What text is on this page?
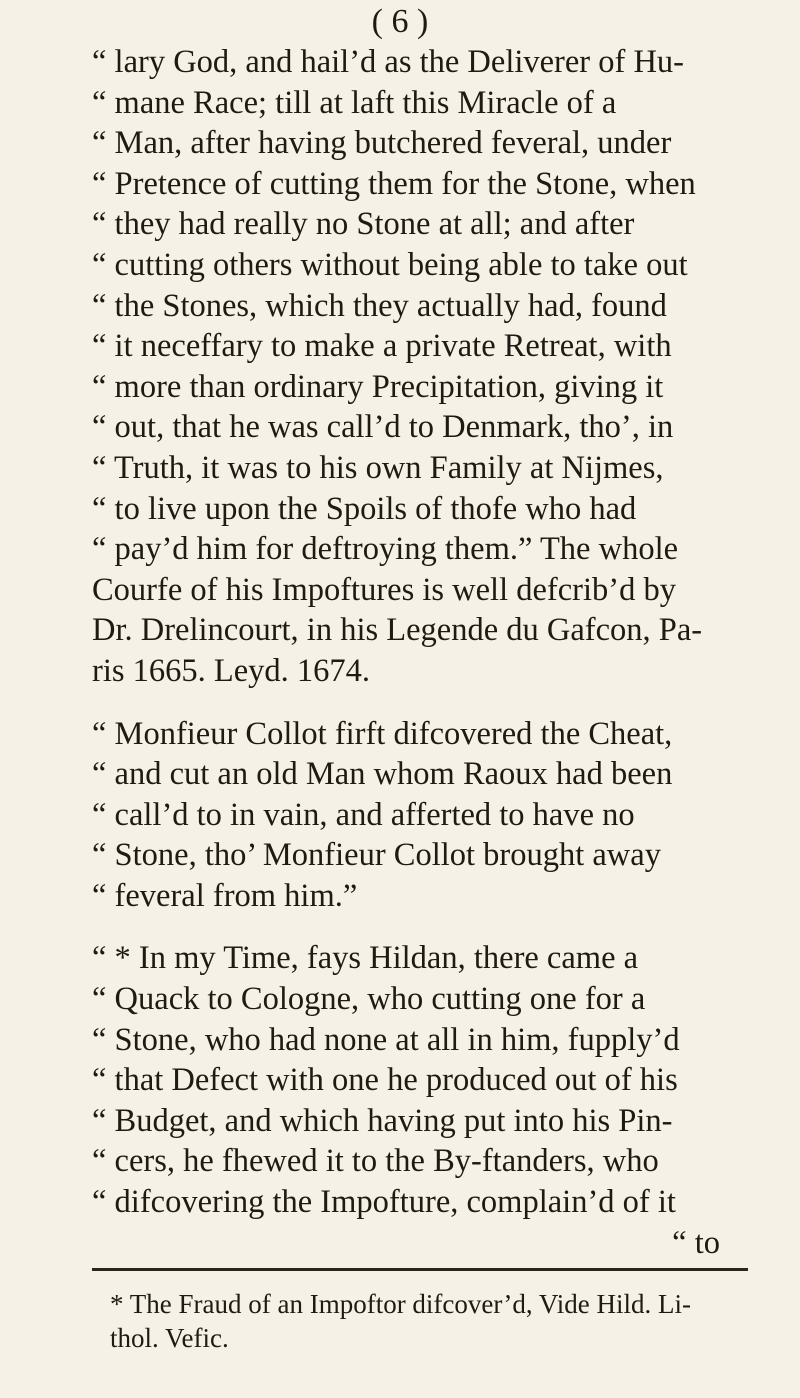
( 6 )
“ lary God, and hail’d as the Deliverer of Hu-
“ mane Race; till at laft this Miracle of a
“ Man, after having butchered feveral, under
“ Pretence of cutting them for the Stone, when
“ they had really no Stone at all; and after
“ cutting others without being able to take out
“ the Stones, which they actually had, found
“ it neceffary to make a private Retreat, with
“ more than ordinary Precipitation, giving it
“ out, that he was call’d to Denmark, tho’, in
“ Truth, it was to his own Family at Nijmes,
“ to live upon the Spoils of thofe who had
“ pay’d him for deftroying them.” The whole
Courfe of his Impoftures is well defcrib’d by
Dr. Drelincourt, in his Legende du Gafcon, Pa-
ris 1665. Leyd. 1674.
“ Monfieur Collot firft difcovered the Cheat,
“ and cut an old Man whom Raoux had been
“ call’d to in vain, and afferted to have no
“ Stone, tho’ Monfieur Collot brought away
“ feveral from him.”
“ * In my Time, fays Hildan, there came a
“ Quack to Cologne, who cutting one for a
“ Stone, who had none at all in him, fupply’d
“ that Defect with one he produced out of his
“ Budget, and which having put into his Pin-
“ cers, he fhewed it to the By-ftanders, who
“ difcovering the Impofture, complain’d of it
“ to
* The Fraud of an Impoftor difcover’d, Vide Hild. Li-
thol. Vefic.
